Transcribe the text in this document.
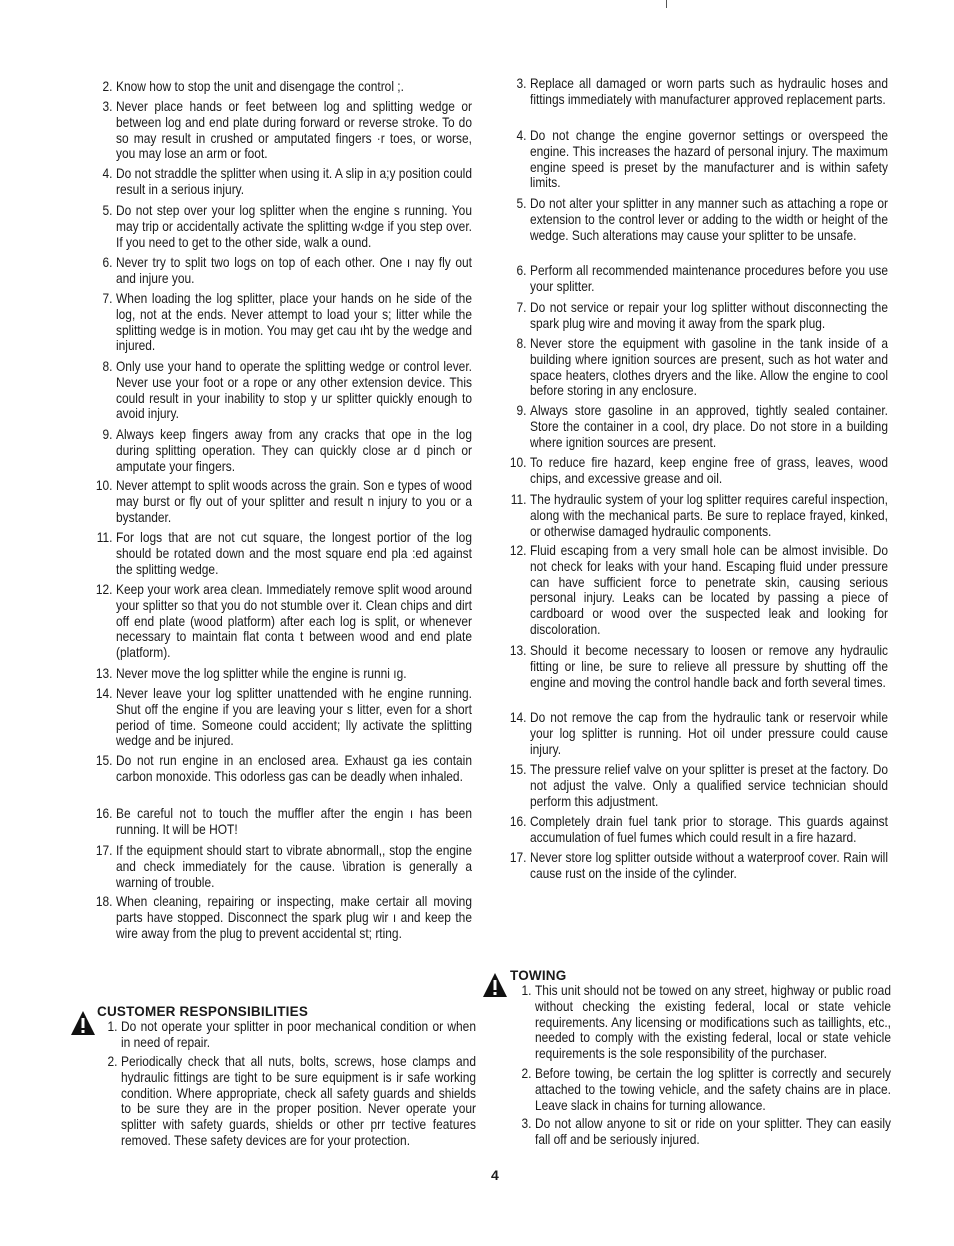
2. Know how to stop the unit and disengage the control ;.
3. Never place hands or feet between log and splitting wedge or between log and end plate during forward or reverse stroke. To do so may result in crushed or amputated fingers ·r toes, or worse, you may lose an arm or foot.
4. Do not straddle the splitter when using it. A slip in a;y position could result in a serious injury.
5. Do not step over your log splitter when the engine s running. You may trip or accidentally activate the splitting w‹dge if you step over. If you need to get to the other side, walk a ound.
6. Never try to split two logs on top of each other. One ı nay fly out and injure you.
7. When loading the log splitter, place your hands on he side of the log, not at the ends. Never attempt to load your s; litter while the splitting wedge is in motion. You may get cau ıht by the wedge and injured.
8. Only use your hand to operate the splitting wedge or control lever. Never use your foot or a rope or any other extension device. This could result in your inability to stop y ur splitter quickly enough to avoid injury.
9. Always keep fingers away from any cracks that ope in the log during splitting operation. They can quickly close ar d pinch or amputate your fingers.
10. Never attempt to split woods across the grain. Son e types of wood may burst or fly out of your splitter and result n injury to you or a bystander.
11. For logs that are not cut square, the longest portior of the log should be rotated down and the most square end pla :ed against the splitting wedge.
12. Keep your work area clean. Immediately remove split wood around your splitter so that you do not stumble over it. Clean chips and dirt off end plate (wood platform) after each log is split, or whenever necessary to maintain flat conta t between wood and end plate (platform).
13. Never move the log splitter while the engine is runni ıg.
14. Never leave your log splitter unattended with he engine running. Shut off the engine if you are leaving your s litter, even for a short period of time. Someone could accident; lly activate the splitting wedge and be injured.
15. Do not run engine in an enclosed area. Exhaust ga ies contain carbon monoxide. This odorless gas can be deadly when inhaled.
16. Be careful not to touch the muffler after the engin ı has been running. It will be HOT!
17. If the equipment should start to vibrate abnormall,, stop the engine and check immediately for the cause. \ibration is generally a warning of trouble.
18. When cleaning, repairing or inspecting, make certair all moving parts have stopped. Disconnect the spark plug wir ı and keep the wire away from the plug to prevent accidental st; rting.
3. Replace all damaged or worn parts such as hydraulic hoses and fittings immediately with manufacturer approved replacement parts.
4. Do not change the engine governor settings or overspeed the engine. This increases the hazard of personal injury. The maximum engine speed is preset by the manufacturer and is within safety limits.
5. Do not alter your splitter in any manner such as attaching a rope or extension to the control lever or adding to the width or height of the wedge. Such alterations may cause your splitter to be unsafe.
6. Perform all recommended maintenance procedures before you use your splitter.
7. Do not service or repair your log splitter without disconnecting the spark plug wire and moving it away from the spark plug.
8. Never store the equipment with gasoline in the tank inside of a building where ignition sources are present, such as hot water and space heaters, clothes dryers and the like. Allow the engine to cool before storing in any enclosure.
9. Always store gasoline in an approved, tightly sealed container. Store the container in a cool, dry place. Do not store in a building where ignition sources are present.
10. To reduce fire hazard, keep engine free of grass, leaves, wood chips, and excessive grease and oil.
11. The hydraulic system of your log splitter requires careful inspection, along with the mechanical parts. Be sure to replace frayed, kinked, or otherwise damaged hydraulic components.
12. Fluid escaping from a very small hole can be almost invisible. Do not check for leaks with your hand. Escaping fluid under pressure can have sufficient force to penetrate skin, causing serious personal injury. Leaks can be located by passing a piece of cardboard or wood over the suspected leak and looking for discoloration.
13. Should it become necessary to loosen or remove any hydraulic fitting or line, be sure to relieve all pressure by shutting off the engine and moving the control handle back and forth several times.
14. Do not remove the cap from the hydraulic tank or reservoir while your log splitter is running. Hot oil under pressure could cause injury.
15. The pressure relief valve on your splitter is preset at the factory. Do not adjust the valve. Only a qualified service technician should perform this adjustment.
16. Completely drain fuel tank prior to storage. This guards against accumulation of fuel fumes which could result in a fire hazard.
17. Never store log splitter outside without a waterproof cover. Rain will cause rust on the inside of the cylinder.
CUSTOMER RESPONSIBILITIES
1. Do not operate your splitter in poor mechanical condition or when in need of repair.
2. Periodically check that all nuts, bolts, screws, hose clamps and hydraulic fittings are tight to be sure equipment is ir safe working condition. Where appropriate, check all safety guards and shields to be sure they are in the proper position. Never operate your splitter with safety guards, shields or other prr tective features removed. These safety devices are for your protection.
TOWING
1. This unit should not be towed on any street, highway or public road without checking the existing federal, local or state vehicle requirements. Any licensing or modifications such as taillights, etc., needed to comply with the existing federal, local or state vehicle requirements is the sole responsibility of the purchaser.
2. Before towing, be certain the log splitter is correctly and securely attached to the towing vehicle, and the safety chains are in place. Leave slack in chains for turning allowance.
3. Do not allow anyone to sit or ride on your splitter. They can easily fall off and be seriously injured.
4
